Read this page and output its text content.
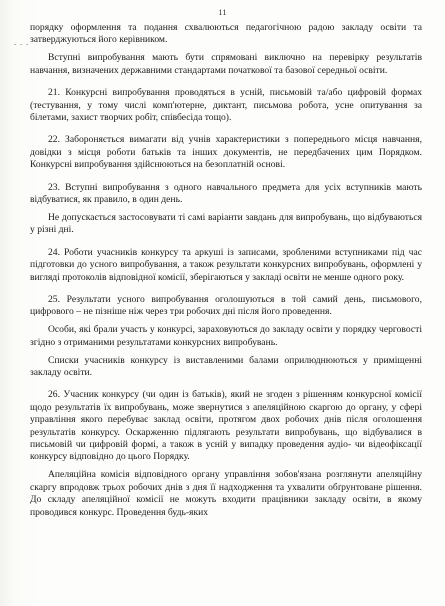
11
- - -

порядку оформлення та подання схвалюються педагогічною радою закладу освіти та затверджуються його керівником.

Вступні випробування мають бути спрямовані виключно на перевірку результатів навчання, визначених державними стандартами початкової та базової середньої освіти.

21. Конкурсні випробування проводяться в усній, письмовій та/або цифровій формах (тестування, у тому числі комп'ютерне, диктант, письмова робота, усне опитування за білетами, захист творчих робіт, співбесіда тощо).

22. Забороняється вимагати від учнів характеристики з попереднього місця навчання, довідки з місця роботи батьків та інших документів, не передбачених цим Порядком. Конкурсні випробування здійснюються на безоплатній основі.

23. Вступні випробування з одного навчального предмета для усіх вступників мають відбуватися, як правило, в один день.

Не допускається застосовувати ті самі варіанти завдань для випробувань, що відбуваються у різні дні.

24. Роботи учасників конкурсу та аркуші із записами, зробленими вступниками під час підготовки до усного випробування, а також результати конкурсних випробувань, оформлені у вигляді протоколів відповідної комісії, зберігаються у закладі освіти не менше одного року.

25. Результати усного випробування оголошуються в той самий день, письмового, цифрового – не пізніше ніж через три робочих дні після його проведення.

Особи, які брали участь у конкурсі, зараховуються до закладу освіти у порядку черговості згідно з отриманими результатами конкурсних випробувань.

Списки учасників конкурсу із виставленими балами оприлюднюються у приміщенні закладу освіти.

26. Учасник конкурсу (чи один із батьків), який не згоден з рішенням конкурсної комісії щодо результатів їх випробувань, може звернутися з апеляційною скаргою до органу, у сфері управління якого перебуває заклад освіти, протягом двох робочих днів після оголошення результатів конкурсу. Оскарженню підлягають результати випробувань, що відбувалися в письмовій чи цифровій формі, а також в усній у випадку проведення аудіо- чи відеофіксації конкурсу відповідно до цього Порядку.

Апеляційна комісія відповідного органу управління зобов'язана розглянути апеляційну скаргу впродовж трьох робочих днів з дня її надходження та ухвалити обґрунтоване рішення. До складу апеляційної комісії не можуть входити працівники закладу освіти, в якому проводився конкурс. Проведення будь-яких
